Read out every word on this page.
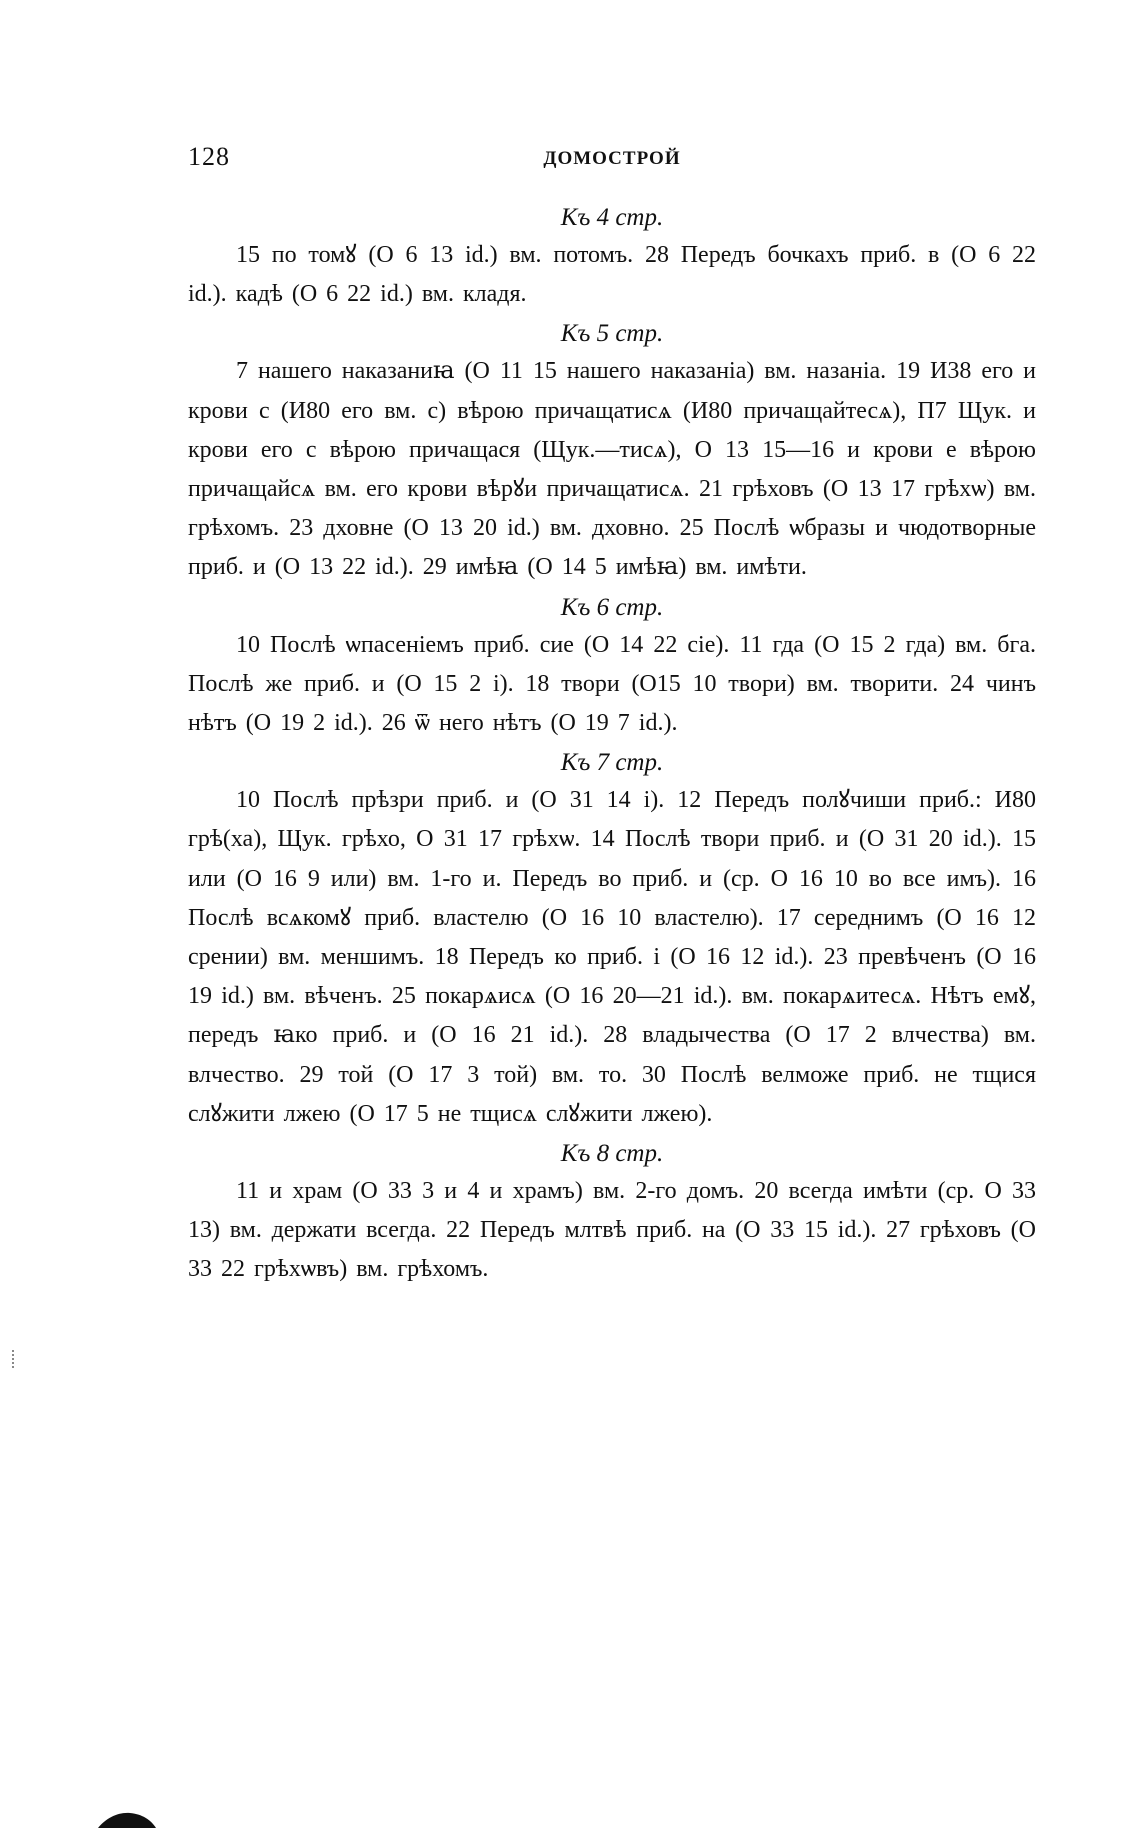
128	ДОМОСТРОЙ

Къ 4 стр.

15 по томꙋ (О 6 13 id.) вм. потомъ. 28 Передъ бочкахъ приб. в (О 6 22 id.). кадѣ (О 6 22 id.) вм. кладя.

Къ 5 стр.

7 нашего наказаниꙗ (О 11 15 нашего наказаніа) вм. назаніа. 19 И38 его и крови с (И80 его вм. с) вѣрою причащатисѧ (И80 причащайтесѧ), П7 Щук. и крови его с вѣрою причащася (Щук.—тисѧ), О 13 15—16 и крови е вѣрою причащайсѧ вм. его крови вѣрꙋи причащатисѧ. 21 грѣховъ (О 13 17 грѣхѡ) вм. грѣхомъ. 23 дховне (О 13 20 id.) вм. дховно. 25 Послѣ ѡбразы и чюдотворные приб. и (О 13 22 id.). 29 имѣꙗ (О 14 5 имѣꙗ) вм. имѣти.

Къ 6 стр.

10 Послѣ ѡпасеніемъ приб. сие (О 14 22 сіе). 11 гда (О 15 2 гда) вм. бга. Послѣ же приб. и (О 15 2 і). 18 твори (О15 10 твори) вм. творити. 24 чинъ нѣтъ (О 19 2 id.). 26 ѿ него нѣтъ (О 19 7 id.).

Къ 7 стр.

10 Послѣ прѣзри приб. и (О 31 14 і). 12 Передъ полꙋчиши приб.: И80 грѣ(ха), Щук. грѣхо, О 31 17 грѣхѡ. 14 Послѣ твори приб. и (О 31 20 id.). 15 или (О 16 9 или) вм. 1-го и. Передъ во приб. и (ср. О 16 10 во все имъ). 16 Послѣ всѧкомꙋ приб. властелю (О 16 10 властелю). 17 середнимъ (О 16 12 срении) вм. меншимъ. 18 Передъ ко приб. і (О 16 12 id.). 23 превѣченъ (О 16 19 id.) вм. вѣченъ. 25 покарѧисѧ (О 16 20—21 id.). вм. покарѧитесѧ. Нѣтъ емꙋ, передъ ꙗко приб. и (О 16 21 id.). 28 владычества (О 17 2 влчества) вм. влчество. 29 той (О 17 3 той) вм. то. 30 Послѣ велможе приб. не тщися слꙋжити лжею (О 17 5 не тщисѧ слꙋжити лжею).

Къ 8 стр.

11 и храм (О 33 3 и 4 и храмъ) вм. 2-го домъ. 20 всегда имѣти (ср. О 33 13) вм. держати всегда. 22 Передъ млтвѣ приб. на (О 33 15 id.). 27 грѣховъ (О 33 22 грѣхѡвъ) вм. грѣхомъ.
